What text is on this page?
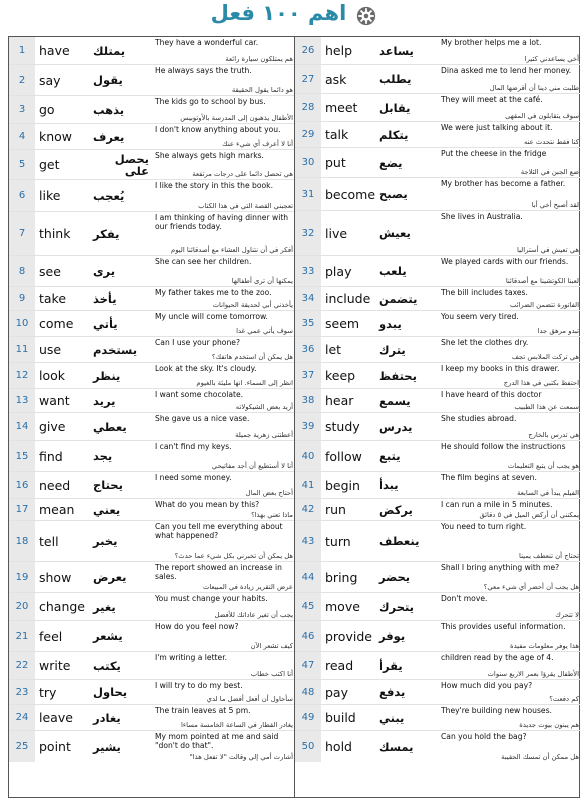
اهم ١٠٠ فعل
1	have	يمتلك
They have a wonderful car.
هم يمتلكون سيارة رائعة
2	say	يقول
He always says the truth.
هو دائما يقول الحقيقة
3	go	يذهب
The kids go to school by bus.
الأطفال يذهبون إلى المدرسة بالأوتوبيس
4	know	يعرف	I don't know anything about you.
أنا لا أعرف أي شيء عنك
5	get	يحصل على
She always gets high marks.
هي تحصل دائما على درجات مرتفعة
6	like	يُعجب
I like the story in this the book.
تعجبني القصة التي في هذا الكتاب
7	think	يفكر
I am thinking of having dinner with our friends today.
أفكر في أن نتناول العشاء مع أصدقائنا اليوم
8	see	يرى
She can see her children.
يمكنها أن ترى أطفالها
9	take	يأخذ	My father takes me to the zoo.
يأخذني أبي لحديقة الحيوانات
10 come	يأتي	My uncle will come tomorrow.
سوف يأتي عمي غدا
11 use	يستخدم	Can I use your phone?
هل يمكن أن استخدم هاتفك؟
12 look	ينظر	Look at the sky. It's cloudy.
انظر إلى السماء. انها مليئة بالغيوم
13 want	يريد	I want some chocolate.
أريد بعض الشيكولاته
14 give	يعطي
She gave us a nice vase.
أعطتنى زهرية جميلة
15 find	يجد
I can't find my keys.
أنا لا أستطيع أن أجد مفاتيحي
16 need	يحتاج
I need some money.
أحتاج بعض المال
17 mean	يعني	What do you mean by this?
ماذا تعني بهذا؟
18 tell	يخبر
Can you tell me everything about what happened?
هل يمكن أن تخبرني بكل شيء عما حدث؟
19 show	يعرض
The report showed an increase in sales.
عرض التقرير زيادة في المبيعات
20 change يغير
You must change your habits.
يجب أن تغير عاداتك للأفضل
21 feel	يشعر
How do you feel now?
كيف تشعر الآن
22 write	يكتب
I'm writing a letter.
أنا اكتب خطاب
23 try	يحاول	I will try to do my best.
سأحاول أن أفعل أفضل ما لدي
24 leave	يغادر	The train leaves at 5 pm.
يغادر القطار في الساعة الخامسة مساءا
25 point	يشير
My mom pointed at me and said "don't do that".
أشارت أمي إلي وقالت "لا تفعل هذا"
26 help	يساعد
My brother helps me a lot.
أخي يساعدني كثيرا
27 ask	يطلب
Dina asked me to lend her money.
طلبت مني دينا أن أقرضها المال
28 meet	يقابل
They will meet at the café.
سوف يتقابلون في المقهى
29 talk	يتكلم	We were just talking about it.
كنا فقط نتحدث عنه
30 put	يضع
Put the cheese in the fridge
ضع الجبن في الثلاجة
31 become يصبح
My brother has become a father.
لقد أصبح أخي أبا
32 live	يعيش
She lives in Australia.
هي تعيش في أستراليا
33 play	يلعب
We played cards with our friends.
لعبنا الكوتشينا مع أصدقائنا
34 include يتضمن	The bill includes taxes.
الفاتورة تتضمن الضرائب
35 seem	يبدو	You seem very tired.
تبدو مرهق جدا
36 let	يترك	She let the clothes dry.
هي تركت الملابس تجف
37 keep	يحتفظ	I keep my books in this drawer.
احتفظ بكتبي في هذا الدرج
38 hear	يسمع	I have heard of this doctor
سمعت عن هذا الطبيب
39 study	يدرس
She studies abroad.
هي تدرس بالخارج
40 follow	يتبع
He should follow the instructions
هو يجب أن يتبع التعليمات
41 begin	يبدأ
The film begins at seven.
الفيلم يبدأ في السابعة
42 run	يركض	I can run a mile in 5 minutes.
يمكنني أن أركض الميل في ٥ دقائق
43 turn	ينعطف
You need to turn right.
تحتاج أن تنعطف يمينا
44 bring	يحضر
Shall I bring anything with me?
هل يجب أن أحضر أي شيء معي؟
45 move	يتحرك
Don't move.
لا تتحرك
46 provide يوفر
This provides useful information.
هذا يوفر معلومات مفيدة
47 read	يقرأ
children read by the age of 4.
الأطفال يقرؤا بعمر الاربع سنوات
48 pay	يدفع	How much did you pay?
كم دفعت؟
49 build	يبني	They're building new houses.
هم يبنون بيوت جديدة
50 hold	يمسك
Can you hold the bag?
هل ممكن أن تمسك الحقيبة
